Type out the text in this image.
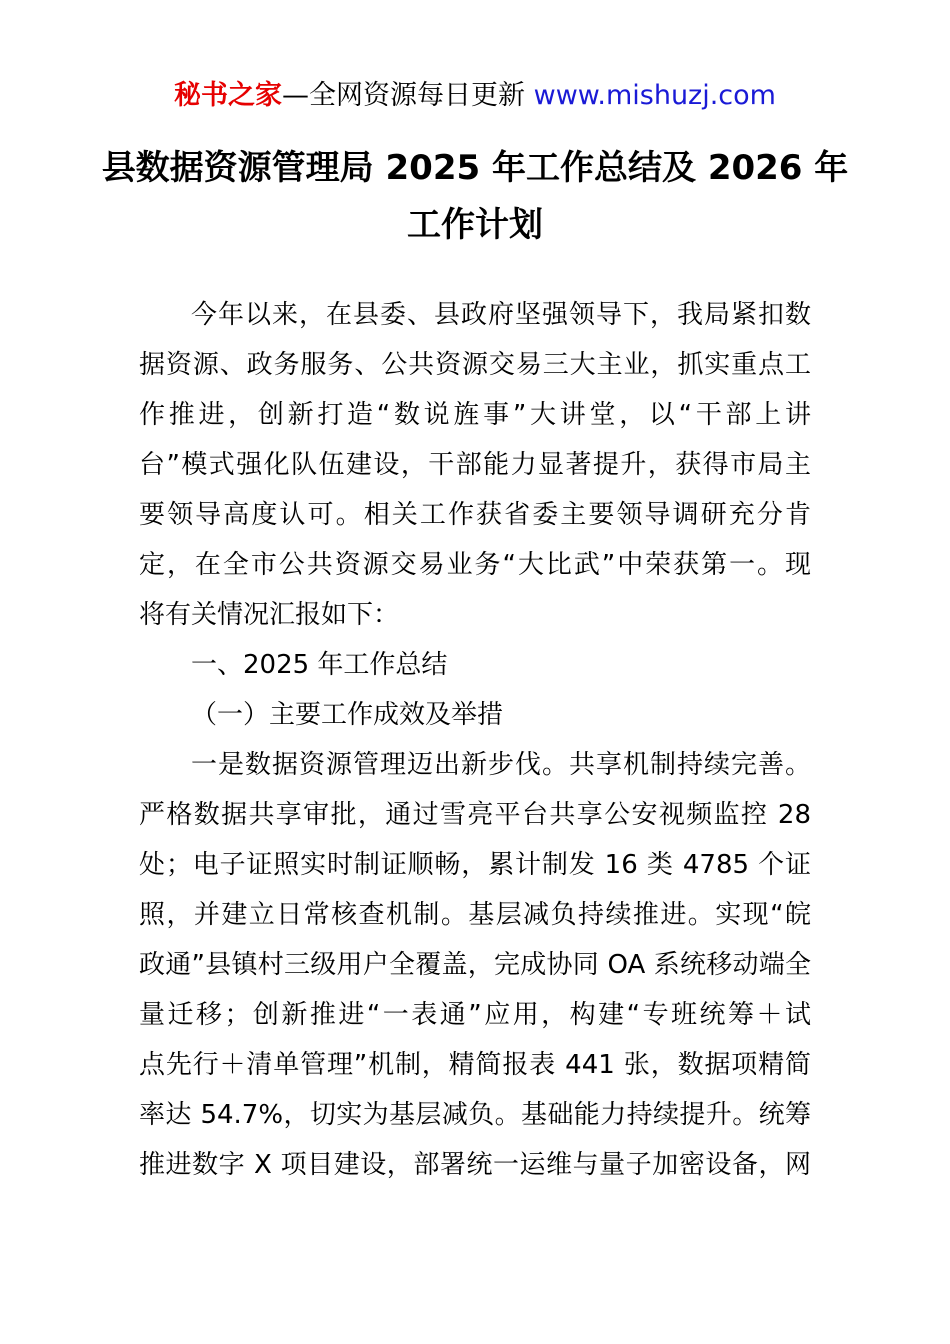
秘书之家—全网资源每日更新 www.mishuzj.com
县数据资源管理局 2025 年工作总结及 2026 年
工作计划
今年以来，在县委、县政府坚强领导下，我局紧扣数
据资源、政务服务、公共资源交易三大主业，抓实重点工
作推进，创新打造“数说旌事”大讲堂，以“干部上讲
台”模式强化队伍建设，干部能力显著提升，获得市局主
要领导高度认可。相关工作获省委主要领导调研充分肯
定，在全市公共资源交易业务“大比武”中荣获第一。现
将有关情况汇报如下：
一、2025 年工作总结
（一）主要工作成效及举措
一是数据资源管理迈出新步伐。共享机制持续完善。
严格数据共享审批，通过雪亮平台共享公安视频监控 28
处；电子证照实时制证顺畅，累计制发 16 类 4785 个证
照，并建立日常核查机制。基层减负持续推进。实现“皖
政通”县镇村三级用户全覆盖，完成协同 OA 系统移动端全
量迁移；创新推进“一表通”应用，构建“专班统筹＋试
点先行＋清单管理”机制，精简报表 441 张，数据项精简
率达 54.7%，切实为基层减负。基础能力持续提升。统筹
推进数字 X 项目建设，部署统一运维与量子加密设备，网
